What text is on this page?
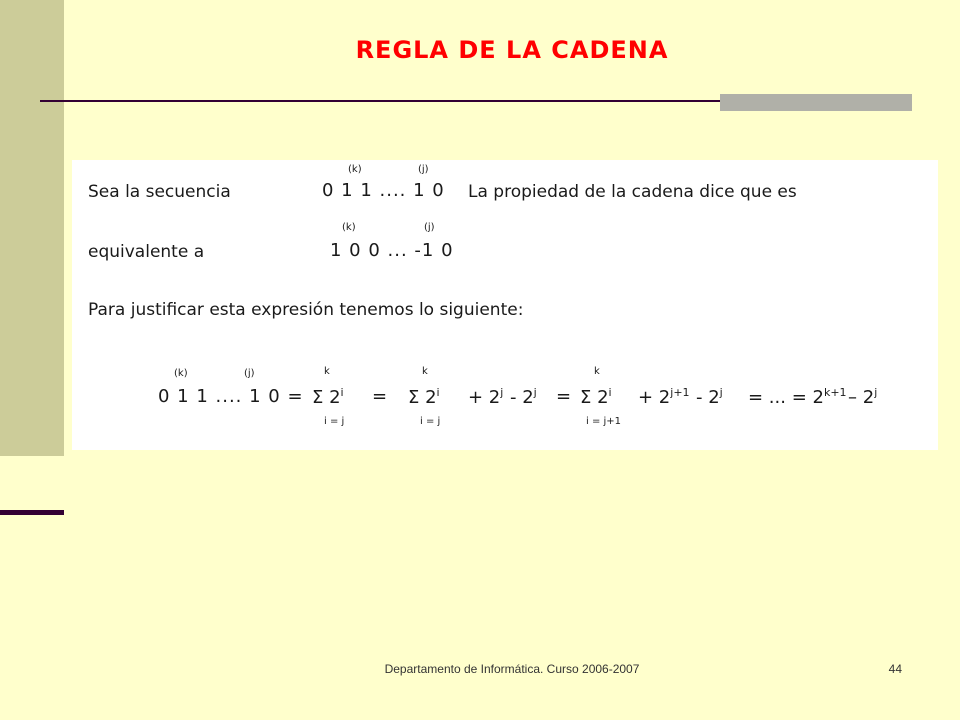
REGLA DE LA CADENA
Sea la secuencia
(k)	(j)
0 1 1 .... 1 0 La propiedad de la cadena dice que es
equivalente a
(k)	(j)
1 0 0 ... -1 0
Para justificar esta expresión tenemos lo siguiente:
(k)	(j)
0 1 1 .... 1 0 =
k
Σ 2$^i$
i = j
=
k
Σ 2$^i$
i = j
+ $2^j - 2^j$ =
k
Σ 2$^i$
i = j+1
+ $2^{j+1} - 2^j$ = ... = $2^{k+1} - 2^j$
Departamento de Informática. Curso 2006-2007	44
